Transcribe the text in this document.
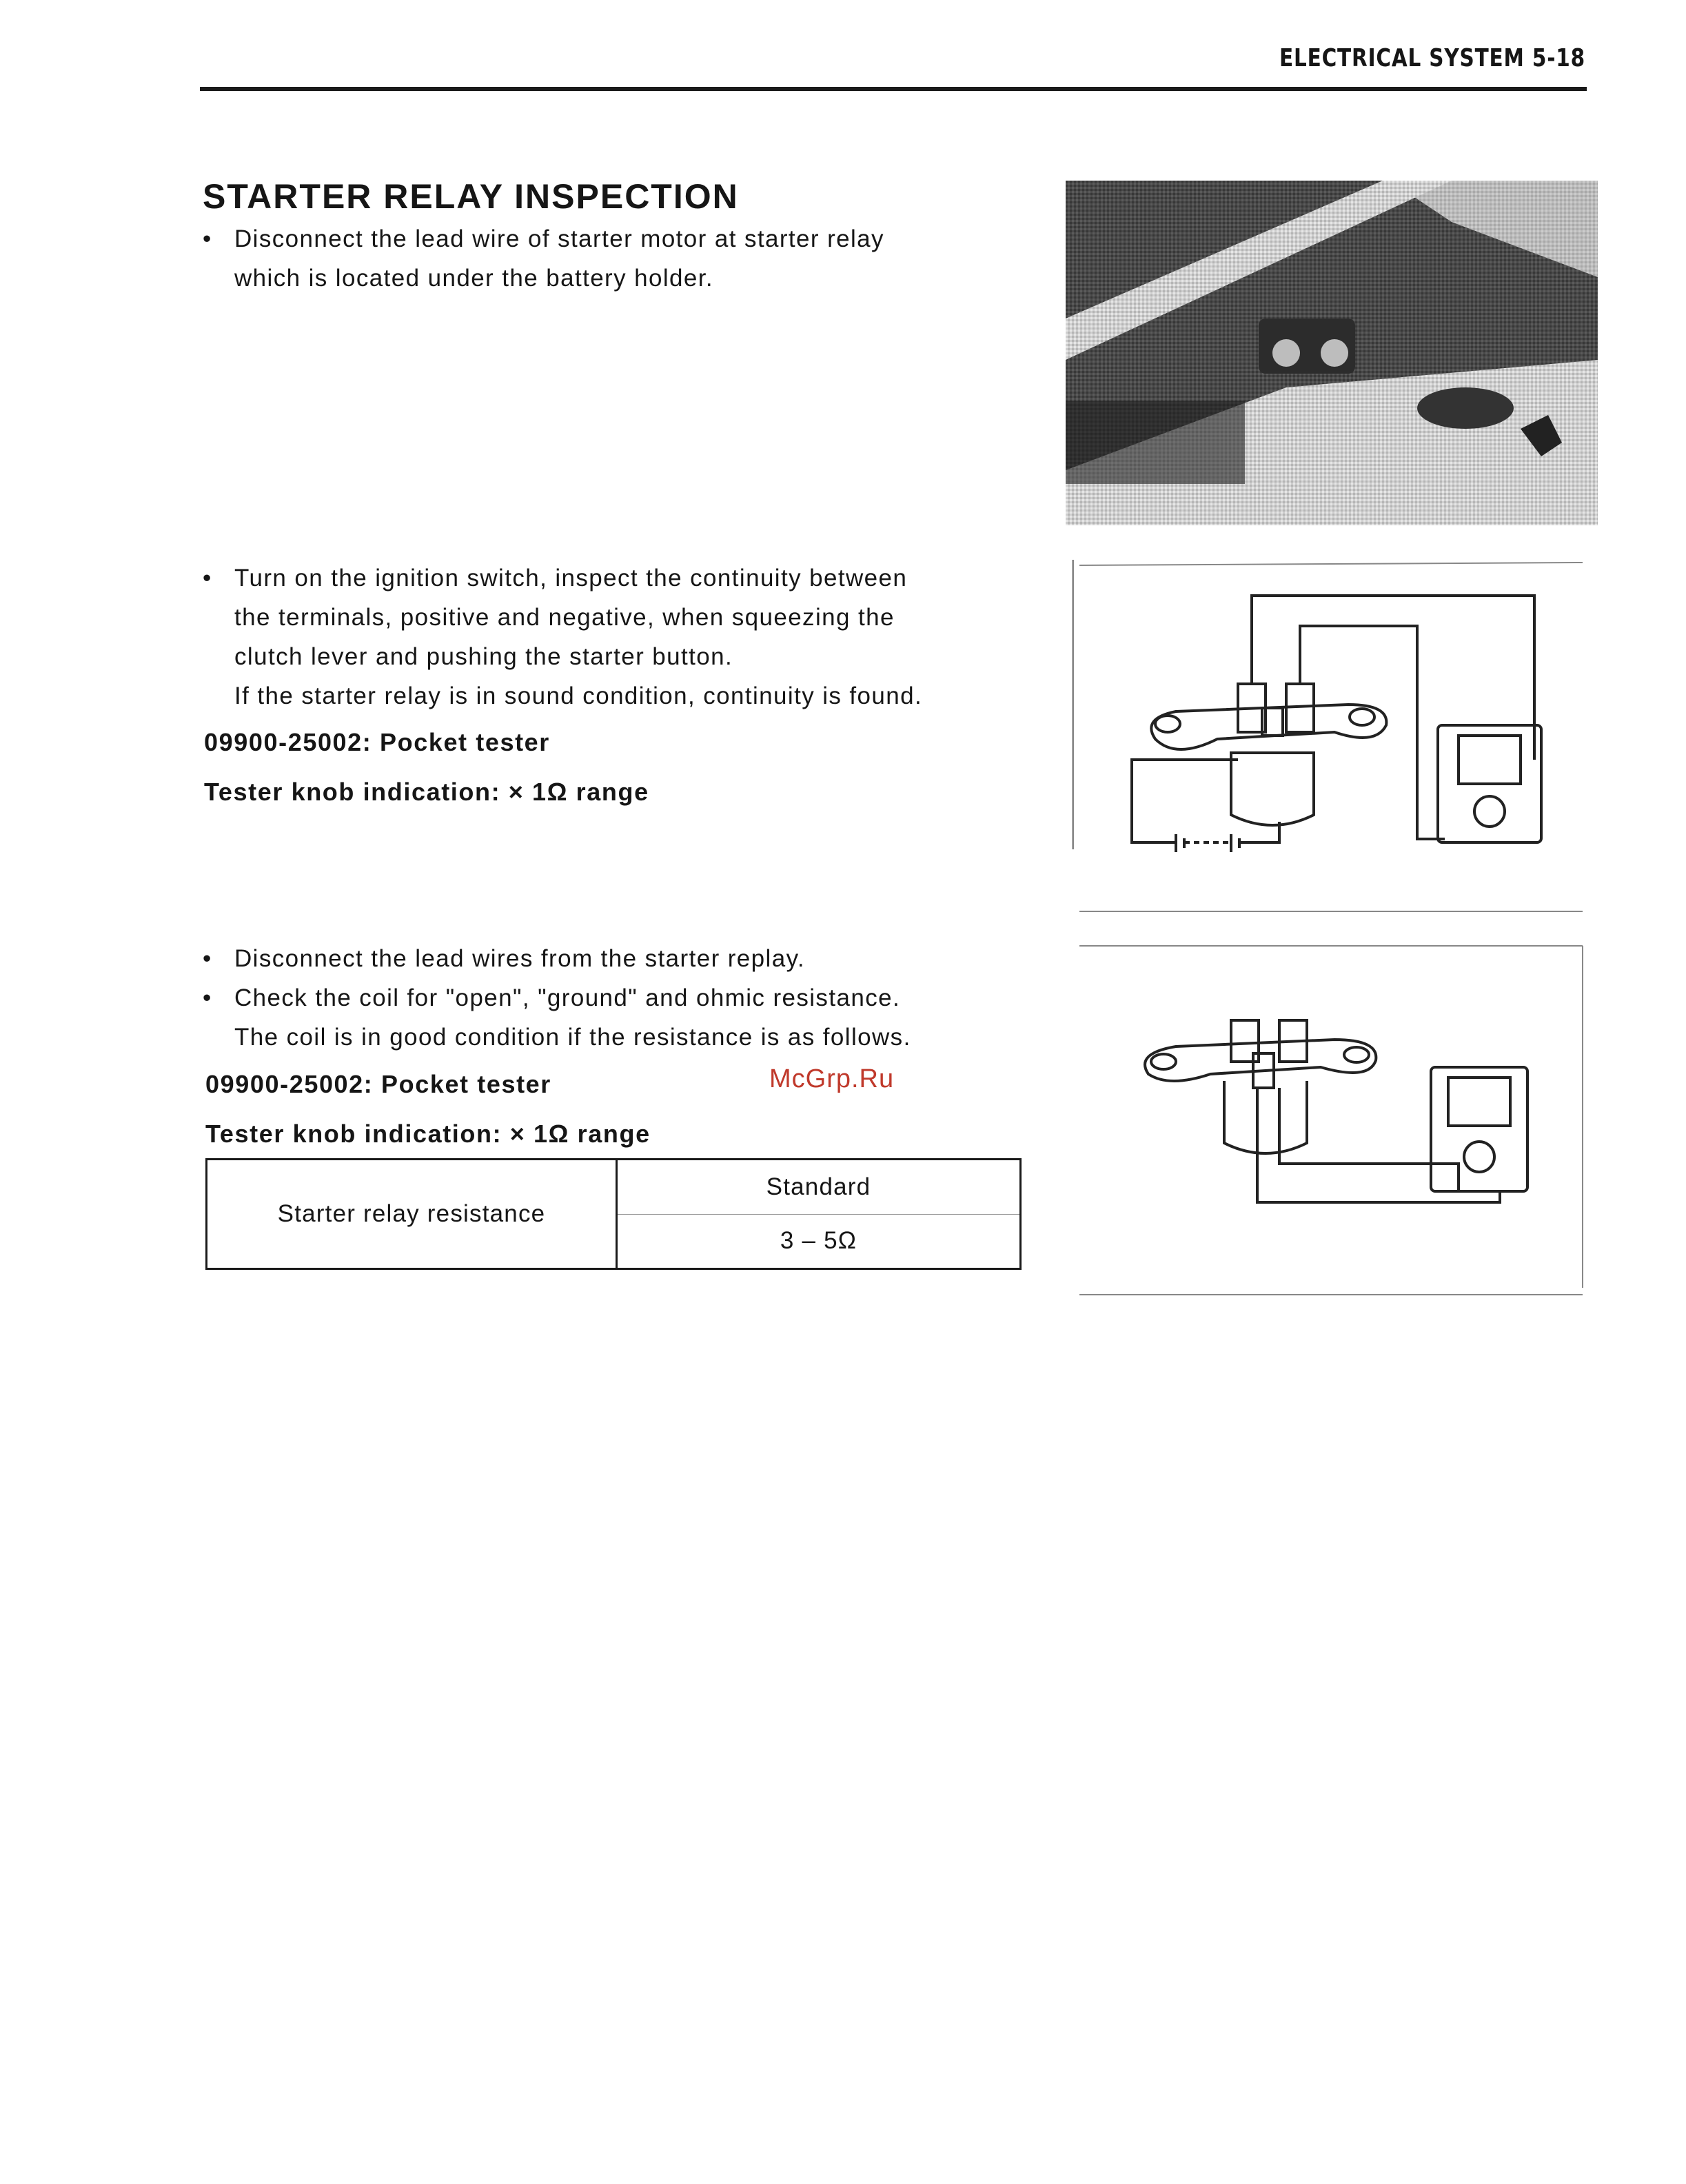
ELECTRICAL SYSTEM 5-18
STARTER RELAY INSPECTION
• Disconnect the lead wire of starter motor at starter relay
which is located under the battery holder.
• Turn on the ignition switch, inspect the continuity between
the terminals, positive and negative, when squeezing the
clutch lever and pushing the starter button.
If the starter relay is in sound condition, continuity is found.
09900-25002: Pocket tester
Tester knob indication: × 1Ω range
• Disconnect the lead wires from the starter replay.
• Check the coil for "open", "ground" and ohmic resistance.
The coil is in good condition if the resistance is as follows.
09900-25002: Pocket tester
Tester knob indication: × 1Ω range
McGrp.Ru
Starter relay resistance	Standard
3 – 5Ω
